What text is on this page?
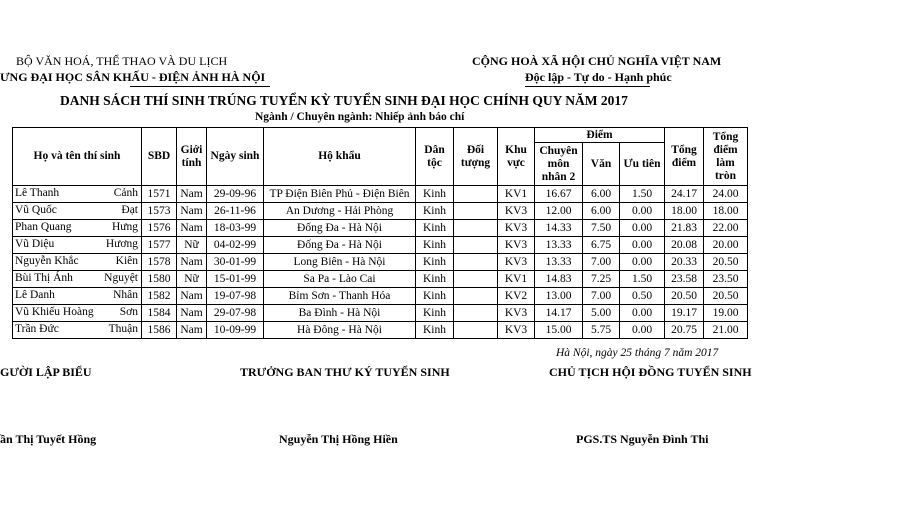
BỘ VĂN HOÁ, THỂ THAO VÀ DU LỊCH
ƯNG ĐẠI HỌC SÂN KHẤU - ĐIỆN ẢNH HÀ NỘI
CỘNG HOÀ XÃ HỘI CHỦ NGHĨA VIỆT NAM
Độc lập - Tự do - Hạnh phúc
DANH SÁCH THÍ SINH TRÚNG TUYỂN KỲ TUYỂN SINH ĐẠI HỌC CHÍNH QUY NĂM 2017
Ngành / Chuyên ngành: Nhiếp ảnh báo chí
Họ và tên thí sinh	SBD	Giới tính	Ngày sinh	Hộ khẩu	Dân tộc	Đối tượng	Khu vực	Điểm			Tổng điểm	Tổng điểm làm tròn
								Chuyên môn nhân 2	Văn	Ưu tiên		

Lê Thanh Cảnh	1571	Nam	29-09-96	TP Điện Biên Phủ - Điện Biên	Kinh		KV1	16.67	6.00	1.50	24.17	24.00

Vũ Quốc Đạt	1573	Nam	26-11-96	An Dương - Hải Phòng	Kinh		KV3	12.00	6.00	0.00	18.00	18.00

Phan Quang Hưng	1576	Nam	18-03-99	Đống Đa - Hà Nội	Kinh		KV3	14.33	7.50	0.00	21.83	22.00

Vũ Diệu Hương	1577	Nữ	04-02-99	Đống Đa - Hà Nội	Kinh		KV3	13.33	6.75	0.00	20.08	20.00

Nguyễn Khắc Kiên	1578	Nam	30-01-99	Long Biên - Hà Nội	Kinh		KV3	13.33	7.00	0.00	20.33	20.50

Bùi Thị Ánh Nguyệt	1580	Nữ	15-01-99	Sa Pa - Lào Cai	Kinh		KV1	14.83	7.25	1.50	23.58	23.50

Lê Danh Nhân	1582	Nam	19-07-98	Bỉm Sơn - Thanh Hóa	Kinh		KV2	13.00	7.00	0.50	20.50	20.50

Vũ Khiếu Hoàng Sơn	1584	Nam	29-07-98	Ba Đình - Hà Nội	Kinh		KV3	14.17	5.00	0.00	19.17	19.00

Trần Đức Thuận	1586	Nam	10-09-99	Hà Đông - Hà Nội	Kinh		KV3	15.00	5.75	0.00	20.75	21.00
Hà Nội, ngày 25 tháng 7 năm 2017
GƯỜI LẬP BIỂU	TRƯỞNG BAN THƯ KÝ TUYỂN SINH	CHỦ TỊCH HỘI ĐỒNG TUYỂN SINH
ần Thị Tuyết Hồng	Nguyễn Thị Hồng Hiền	PGS.TS Nguyễn Đình Thi
